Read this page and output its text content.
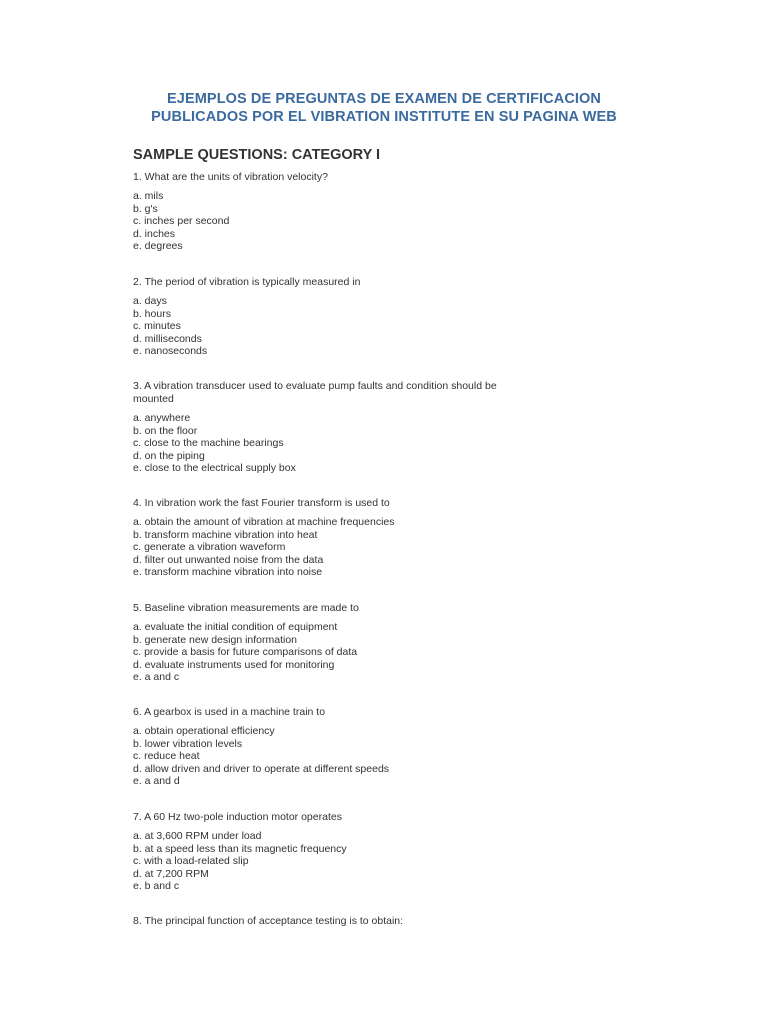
EJEMPLOS DE PREGUNTAS DE EXAMEN DE CERTIFICACION
PUBLICADOS POR EL VIBRATION INSTITUTE EN SU PAGINA WEB
SAMPLE QUESTIONS: CATEGORY I
1. What are the units of vibration velocity?
a. mils
b. g's
c. inches per second
d. inches
e. degrees
2. The period of vibration is typically measured in
a. days
b. hours
c. minutes
d. milliseconds
e. nanoseconds
3. A vibration transducer used to evaluate pump faults and condition should be mounted
a. anywhere
b. on the floor
c. close to the machine bearings
d. on the piping
e. close to the electrical supply box
4. In vibration work the fast Fourier transform is used to
a. obtain the amount of vibration at machine frequencies
b. transform machine vibration into heat
c. generate a vibration waveform
d. filter out unwanted noise from the data
e. transform machine vibration into noise
5. Baseline vibration measurements are made to
a. evaluate the initial condition of equipment
b. generate new design information
c. provide a basis for future comparisons of data
d. evaluate instruments used for monitoring
e. a and c
6. A gearbox is used in a machine train to
a. obtain operational efficiency
b. lower vibration levels
c. reduce heat
d. allow driven and driver to operate at different speeds
e. a and d
7. A 60 Hz two-pole induction motor operates
a. at 3,600 RPM under load
b. at a speed less than its magnetic frequency
c. with a load-related slip
d. at 7,200 RPM
e. b and c
8. The principal function of acceptance testing is to obtain:
